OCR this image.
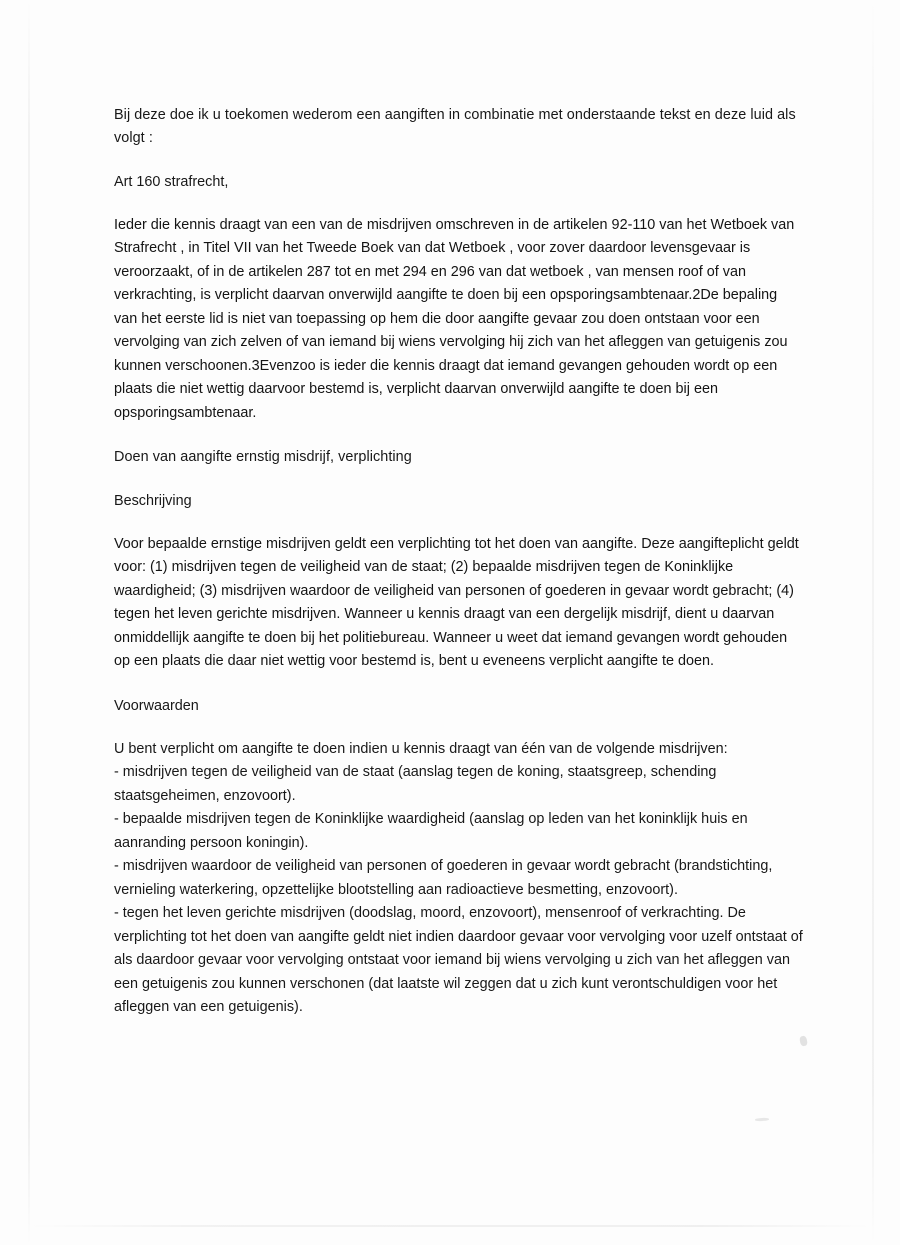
Bij deze doe ik u toekomen wederom een aangiften in combinatie met onderstaande tekst en deze luid als volgt :

Art 160 strafrecht,

Ieder die kennis draagt van een van de misdrijven omschreven in de artikelen 92-110 van het Wetboek van Strafrecht , in Titel VII van het Tweede Boek van dat Wetboek , voor zover daardoor levensgevaar is veroorzaakt, of in de artikelen 287 tot en met 294 en 296 van dat wetboek , van mensen roof of van verkrachting, is verplicht daarvan onverwijld aangifte te doen bij een opsporingsambtenaar.2De bepaling van het eerste lid is niet van toepassing op hem die door aangifte gevaar zou doen ontstaan voor een vervolging van zich zelven of van iemand bij wiens vervolging hij zich van het afleggen van getuigenis zou kunnen verschoonen.3Evenzoo is ieder die kennis draagt dat iemand gevangen gehouden wordt op een plaats die niet wettig daarvoor bestemd is, verplicht daarvan onverwijld aangifte te doen bij een opsporingsambtenaar.

Doen van aangifte ernstig misdrijf, verplichting

Beschrijving

Voor bepaalde ernstige misdrijven geldt een verplichting tot het doen van aangifte. Deze aangifteplicht geldt voor: (1) misdrijven tegen de veiligheid van de staat; (2) bepaalde misdrijven tegen de Koninklijke waardigheid; (3) misdrijven waardoor de veiligheid van personen of goederen in gevaar wordt gebracht; (4) tegen het leven gerichte misdrijven. Wanneer u kennis draagt van een dergelijk misdrijf, dient u daarvan onmiddellijk aangifte te doen bij het politiebureau. Wanneer u weet dat iemand gevangen wordt gehouden op een plaats die daar niet wettig voor bestemd is, bent u eveneens verplicht aangifte te doen.

Voorwaarden

U bent verplicht om aangifte te doen indien u kennis draagt van één van de volgende misdrijven:
- misdrijven tegen de veiligheid van de staat (aanslag tegen de koning, staatsgreep, schending staatsgeheimen, enzovoort).
- bepaalde misdrijven tegen de Koninklijke waardigheid (aanslag op leden van het koninklijk huis en aanranding persoon koningin).
- misdrijven waardoor de veiligheid van personen of goederen in gevaar wordt gebracht (brandstichting, vernieling waterkering, opzettelijke blootstelling aan radioactieve besmetting, enzovoort).
- tegen het leven gerichte misdrijven (doodslag, moord, enzovoort), mensenroof of verkrachting. De verplichting tot het doen van aangifte geldt niet indien daardoor gevaar voor vervolging voor uzelf ontstaat of als daardoor gevaar voor vervolging ontstaat voor iemand bij wiens vervolging u zich van het afleggen van een getuigenis zou kunnen verschonen (dat laatste wil zeggen dat u zich kunt verontschuldigen voor het afleggen van een getuigenis).
